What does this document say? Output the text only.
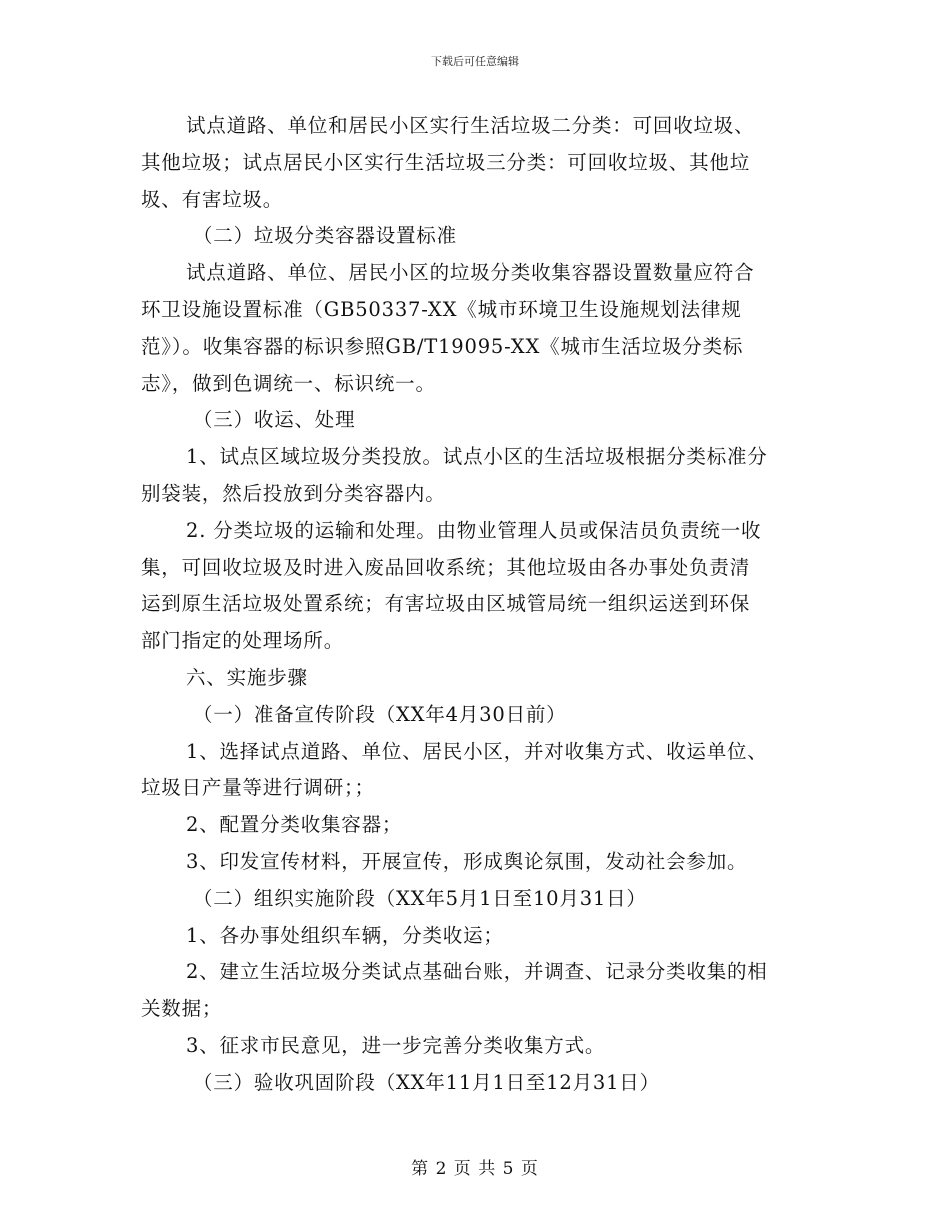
下载后可任意编辑
试点道路、单位和居民小区实行生活垃圾二分类：可回收垃圾、
其他垃圾；试点居民小区实行生活垃圾三分类：可回收垃圾、其他垃
圾、有害垃圾。
（二）垃圾分类容器设置标准
试点道路、单位、居民小区的垃圾分类收集容器设置数量应符合
环卫设施设置标准（GB50337-XX《城市环境卫生设施规划法律规
范》）。收集容器的标识参照GB/T19095-XX《城市生活垃圾分类标
志》，做到色调统一、标识统一。
（三）收运、处理
1、试点区域垃圾分类投放。试点小区的生活垃圾根据分类标准分
别袋装，然后投放到分类容器内。
2. 分类垃圾的运输和处理。由物业管理人员或保洁员负责统一收
集，可回收垃圾及时进入废品回收系统；其他垃圾由各办事处负责清
运到原生活垃圾处置系统；有害垃圾由区城管局统一组织运送到环保
部门指定的处理场所。
六、实施步骤
（一）准备宣传阶段（XX年4月30日前）
1、选择试点道路、单位、居民小区，并对收集方式、收运单位、
垃圾日产量等进行调研；；
2、配置分类收集容器；
3、印发宣传材料，开展宣传，形成舆论氛围，发动社会参加。
（二）组织实施阶段（XX年5月1日至10月31日）
1、各办事处组织车辆，分类收运；
2、建立生活垃圾分类试点基础台账，并调查、记录分类收集的相
关数据；
3、征求市民意见，进一步完善分类收集方式。
（三）验收巩固阶段（XX年11月1日至12月31日）
第 2 页 共 5 页
